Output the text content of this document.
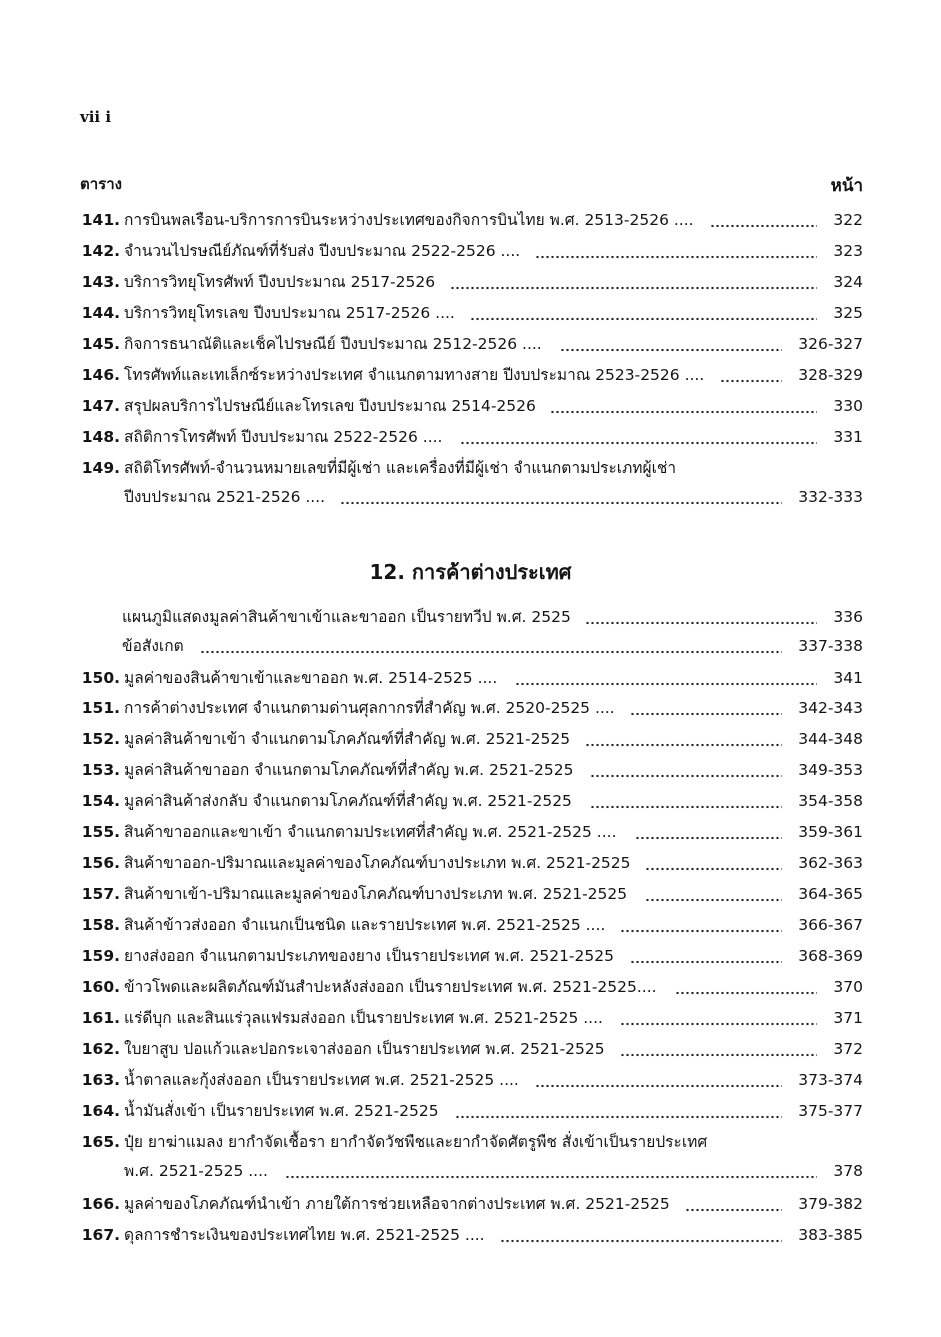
vii i
ตาราง	หน้า
141. การบินพลเรือน-บริการการบินระหว่างประเทศของกิจการบินไทย พ.ศ. 2513-2526 ....	322
142. จำนวนไปรษณีย์ภัณฑ์ที่รับส่ง ปีงบประมาณ 2522-2526 ....	323
143. บริการวิทยุโทรศัพท์ ปีงบประมาณ 2517-2526	324
144. บริการวิทยุโทรเลข ปีงบประมาณ 2517-2526 ....	325
145. กิจการธนาณัติและเช็คไปรษณีย์ ปีงบประมาณ 2512-2526 ....	326-327
146. โทรศัพท์และเทเล็กซ์ระหว่างประเทศ จำแนกตามทางสาย ปีงบประมาณ 2523-2526 ....	328-329
147. สรุปผลบริการไปรษณีย์และโทรเลข ปีงบประมาณ 2514-2526	330
148. สถิติการโทรศัพท์ ปีงบประมาณ 2522-2526 ....	331
149. สถิติโทรศัพท์-จำนวนหมายเลขที่มีผู้เช่า และเครื่องที่มีผู้เช่า จำแนกตามประเภทผู้เช่า
ปีงบประมาณ 2521-2526 ....	332-333
12. การค้าต่างประเทศ
แผนภูมิแสดงมูลค่าสินค้าขาเข้าและขาออก เป็นรายทวีป พ.ศ. 2525	336
ข้อสังเกต	337-338
150. มูลค่าของสินค้าขาเข้าและขาออก พ.ศ. 2514-2525 ....	341
151. การค้าต่างประเทศ จำแนกตามด่านศุลกากรที่สำคัญ พ.ศ. 2520-2525 ....	342-343
152. มูลค่าสินค้าขาเข้า จำแนกตามโภคภัณฑ์ที่สำคัญ พ.ศ. 2521-2525	344-348
153. มูลค่าสินค้าขาออก จำแนกตามโภคภัณฑ์ที่สำคัญ พ.ศ. 2521-2525	349-353
154. มูลค่าสินค้าส่งกลับ จำแนกตามโภคภัณฑ์ที่สำคัญ พ.ศ. 2521-2525	354-358
155. สินค้าขาออกและขาเข้า จำแนกตามประเทศที่สำคัญ พ.ศ. 2521-2525 ....	359-361
156. สินค้าขาออก-ปริมาณและมูลค่าของโภคภัณฑ์บางประเภท พ.ศ. 2521-2525	362-363
157. สินค้าขาเข้า-ปริมาณและมูลค่าของโภคภัณฑ์บางประเภท พ.ศ. 2521-2525	364-365
158. สินค้าข้าวส่งออก จำแนกเป็นชนิด และรายประเทศ พ.ศ. 2521-2525 ....	366-367
159. ยางส่งออก จำแนกตามประเภทของยาง เป็นรายประเทศ พ.ศ. 2521-2525	368-369
160. ข้าวโพดและผลิตภัณฑ์มันสำปะหลังส่งออก เป็นรายประเทศ พ.ศ. 2521-2525....	370
161. แร่ดีบุก และสินแร่วุลแฟรมส่งออก เป็นรายประเทศ พ.ศ. 2521-2525 ....	371
162. ใบยาสูบ ปอแก้วและปอกระเจาส่งออก เป็นรายประเทศ พ.ศ. 2521-2525	372
163. น้ำตาลและกุ้งส่งออก เป็นรายประเทศ พ.ศ. 2521-2525 ....	373-374
164. น้ำมันสั่งเข้า เป็นรายประเทศ พ.ศ. 2521-2525	375-377
165. ปุ๋ย ยาฆ่าแมลง ยากำจัดเชื้อรา ยากำจัดวัชพืชและยากำจัดศัตรูพืช สั่งเข้าเป็นรายประเทศ
พ.ศ. 2521-2525 ....	378
166. มูลค่าของโภคภัณฑ์นำเข้า ภายใต้การช่วยเหลือจากต่างประเทศ พ.ศ. 2521-2525	379-382
167. ดุลการชำระเงินของประเทศไทย พ.ศ. 2521-2525 ....	383-385
